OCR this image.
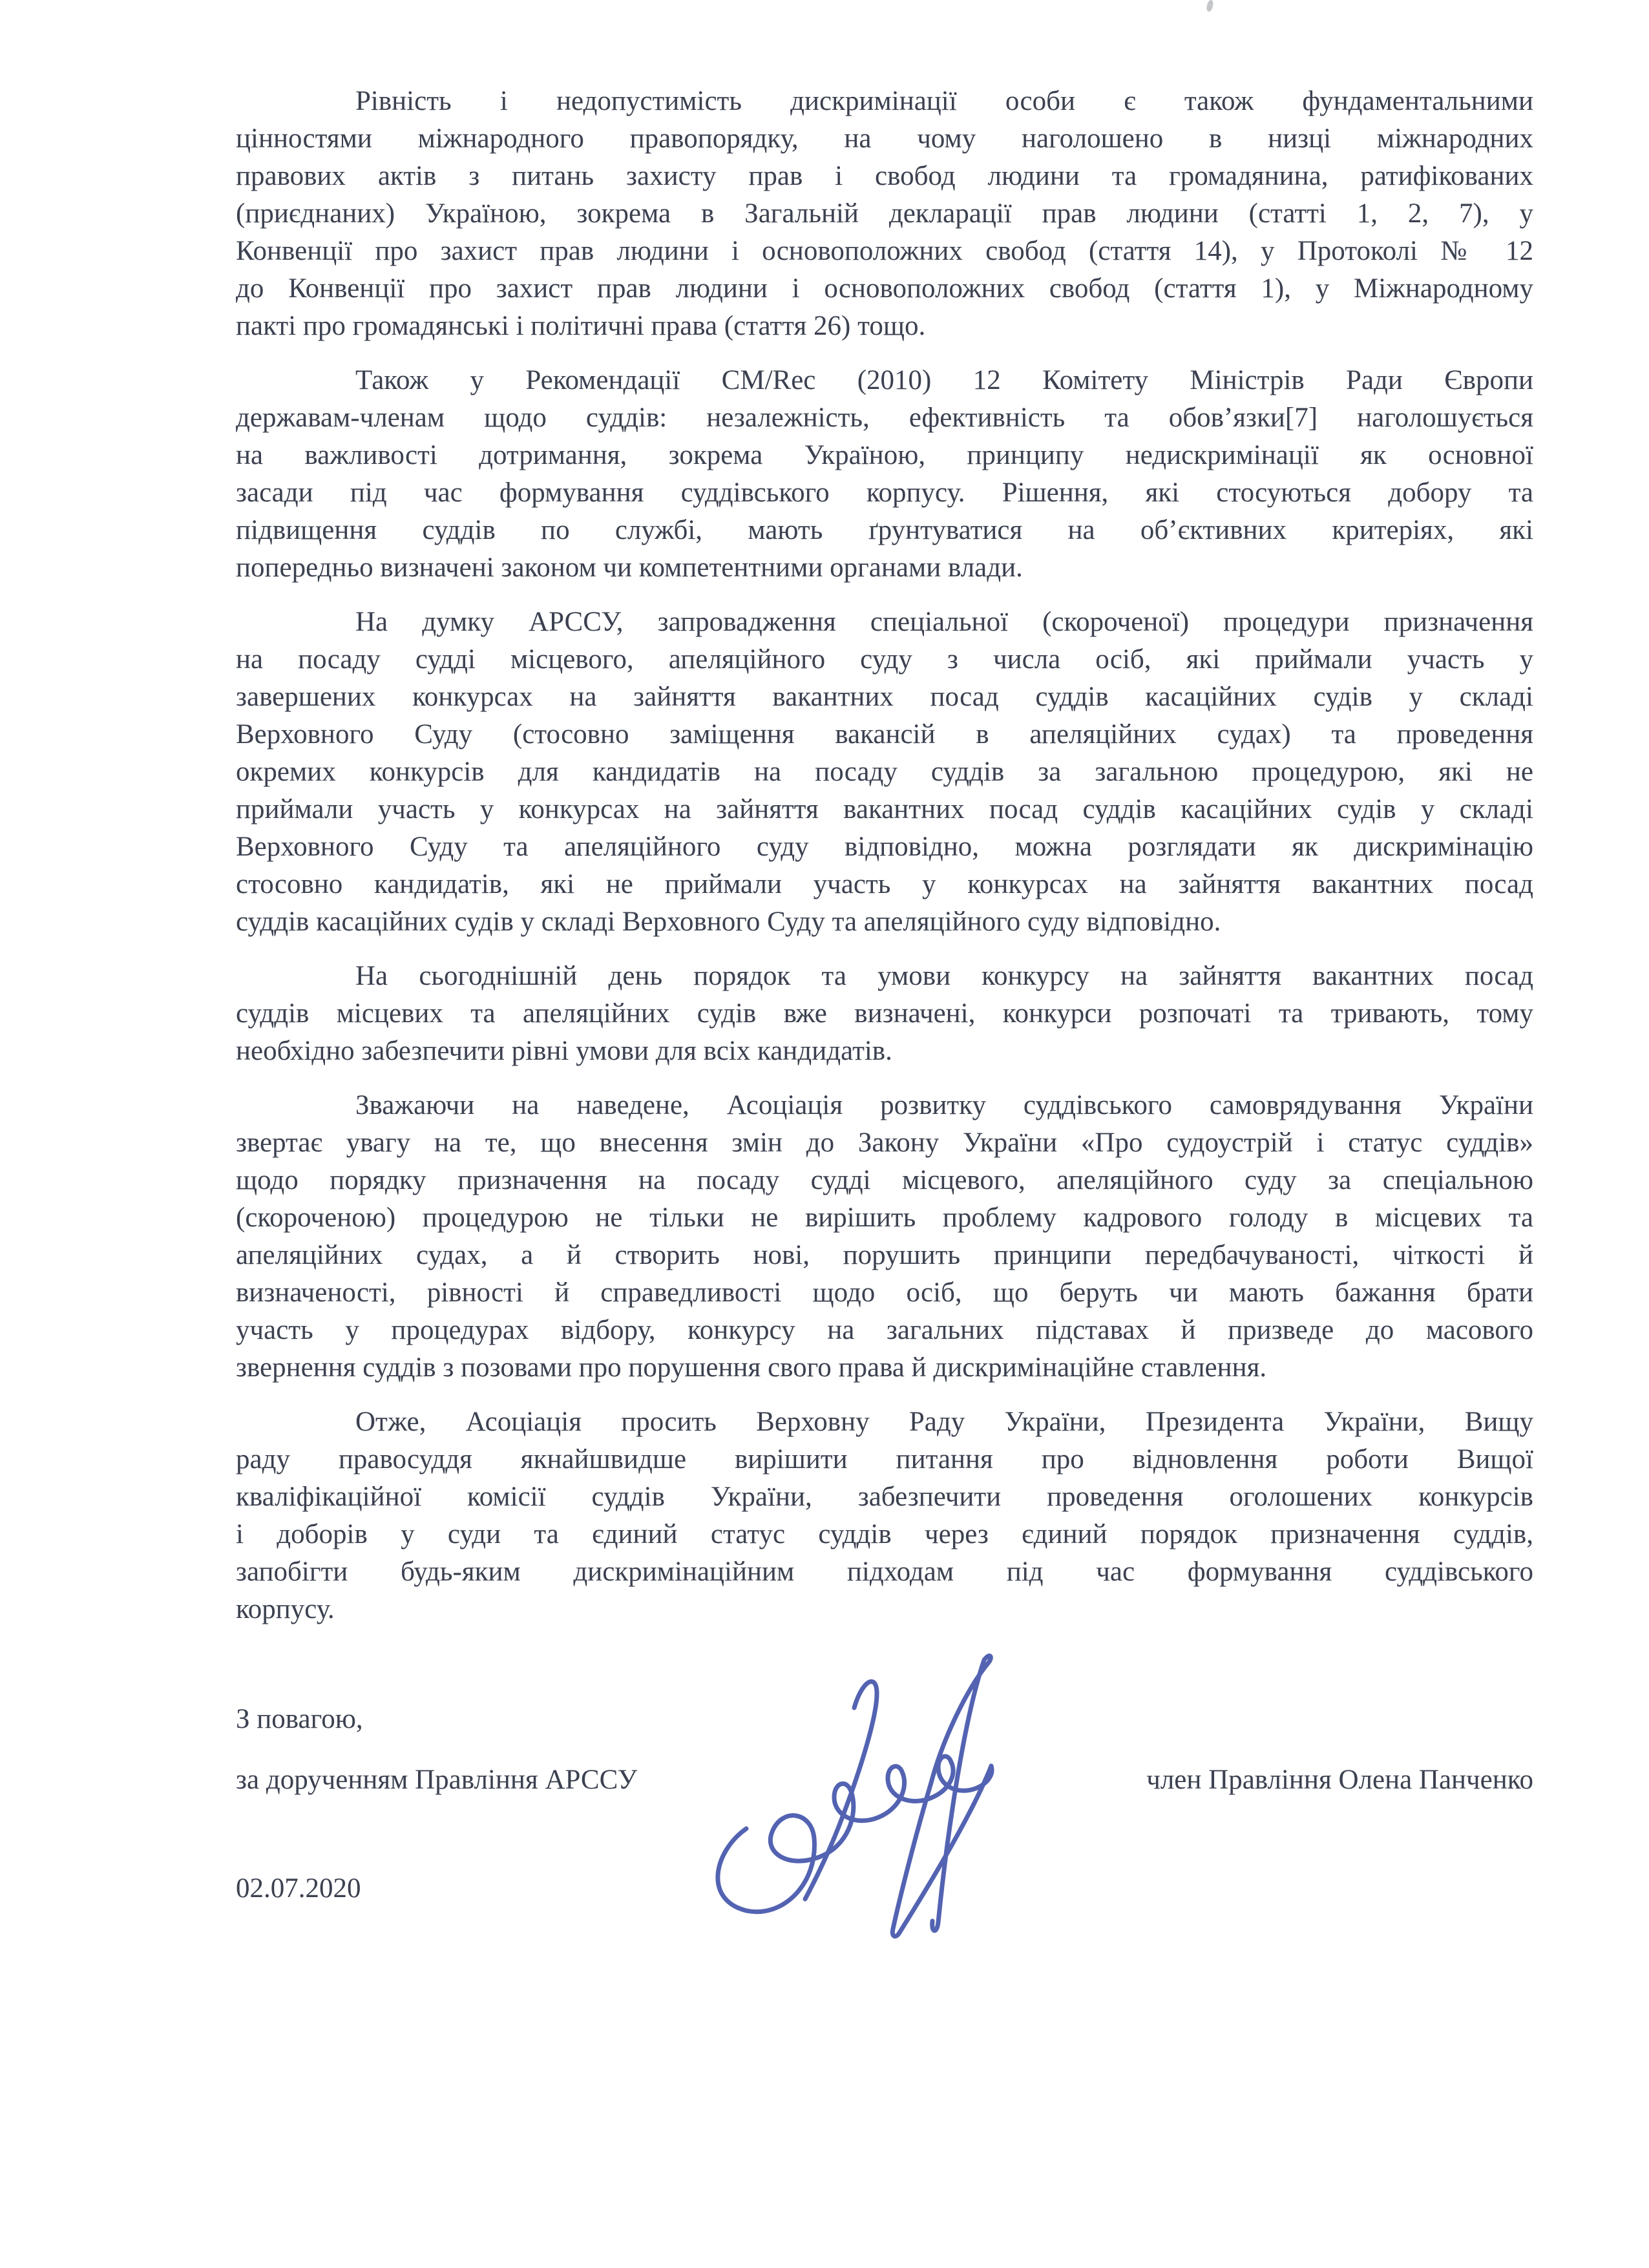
Рівність і недопустимість дискримінації особи є також фундаментальними
цінностями міжнародного правопорядку, на чому наголошено в низці міжнародних
правових актів з питань захисту прав і свобод людини та громадянина, ратифікованих
(приєднаних) Україною, зокрема в Загальній декларації прав людини (статті 1, 2, 7), у
Конвенції про захист прав людини і основоположних свобод (стаття 14), у Протоколі № 12
до Конвенції про захист прав людини і основоположних свобод (стаття 1), у Міжнародному
пакті про громадянські і політичні права (стаття 26) тощо.
Також у Рекомендації CM/Rec (2010) 12 Комітету Міністрів Ради Європи
державам-членам щодо суддів: незалежність, ефективність та обов’язки[7] наголошується
на важливості дотримання, зокрема Україною, принципу недискримінації як основної
засади під час формування суддівського корпусу. Рішення, які стосуються добору та
підвищення суддів по службі, мають ґрунтуватися на об’єктивних критеріях, які
попередньо визначені законом чи компетентними органами влади.
На думку АРССУ, запровадження спеціальної (скороченої) процедури призначення
на посаду судді місцевого, апеляційного суду з числа осіб, які приймали участь у
завершених конкурсах на зайняття вакантних посад суддів касаційних судів у складі
Верховного Суду (стосовно заміщення вакансій в апеляційних судах) та проведення
окремих конкурсів для кандидатів на посаду суддів за загальною процедурою, які не
приймали участь у конкурсах на зайняття вакантних посад суддів касаційних судів у складі
Верховного Суду та апеляційного суду відповідно, можна розглядати як дискримінацію
стосовно кандидатів, які не приймали участь у конкурсах на зайняття вакантних посад
суддів касаційних судів у складі Верховного Суду та апеляційного суду відповідно.
На сьогоднішній день порядок та умови конкурсу на зайняття вакантних посад
суддів місцевих та апеляційних судів вже визначені, конкурси розпочаті та тривають, тому
необхідно забезпечити рівні умови для всіх кандидатів.
Зважаючи на наведене, Асоціація розвитку суддівського самоврядування України
звертає увагу на те, що внесення змін до Закону України «Про судоустрій і статус суддів»
щодо порядку призначення на посаду судді місцевого, апеляційного суду за спеціальною
(скороченою) процедурою не тільки не вирішить проблему кадрового голоду в місцевих та
апеляційних судах, а й створить нові, порушить принципи передбачуваності, чіткості й
визначеності, рівності й справедливості щодо осіб, що беруть чи мають бажання брати
участь у процедурах відбору, конкурсу на загальних підставах й призведе до масового
звернення суддів з позовами про порушення свого права й дискримінаційне ставлення.
Отже, Асоціація просить Верховну Раду України, Президента України, Вищу
раду правосуддя якнайшвидше вирішити питання про відновлення роботи Вищої
кваліфікаційної комісії суддів України, забезпечити проведення оголошених конкурсів
і доборів у суди та єдиний статус суддів через єдиний порядок призначення суддів,
запобігти будь-яким дискримінаційним підходам під час формування суддівського
корпусу.
З повагою,
за дорученням Правління АРССУ	член Правління Олена Панченко
02.07.2020
